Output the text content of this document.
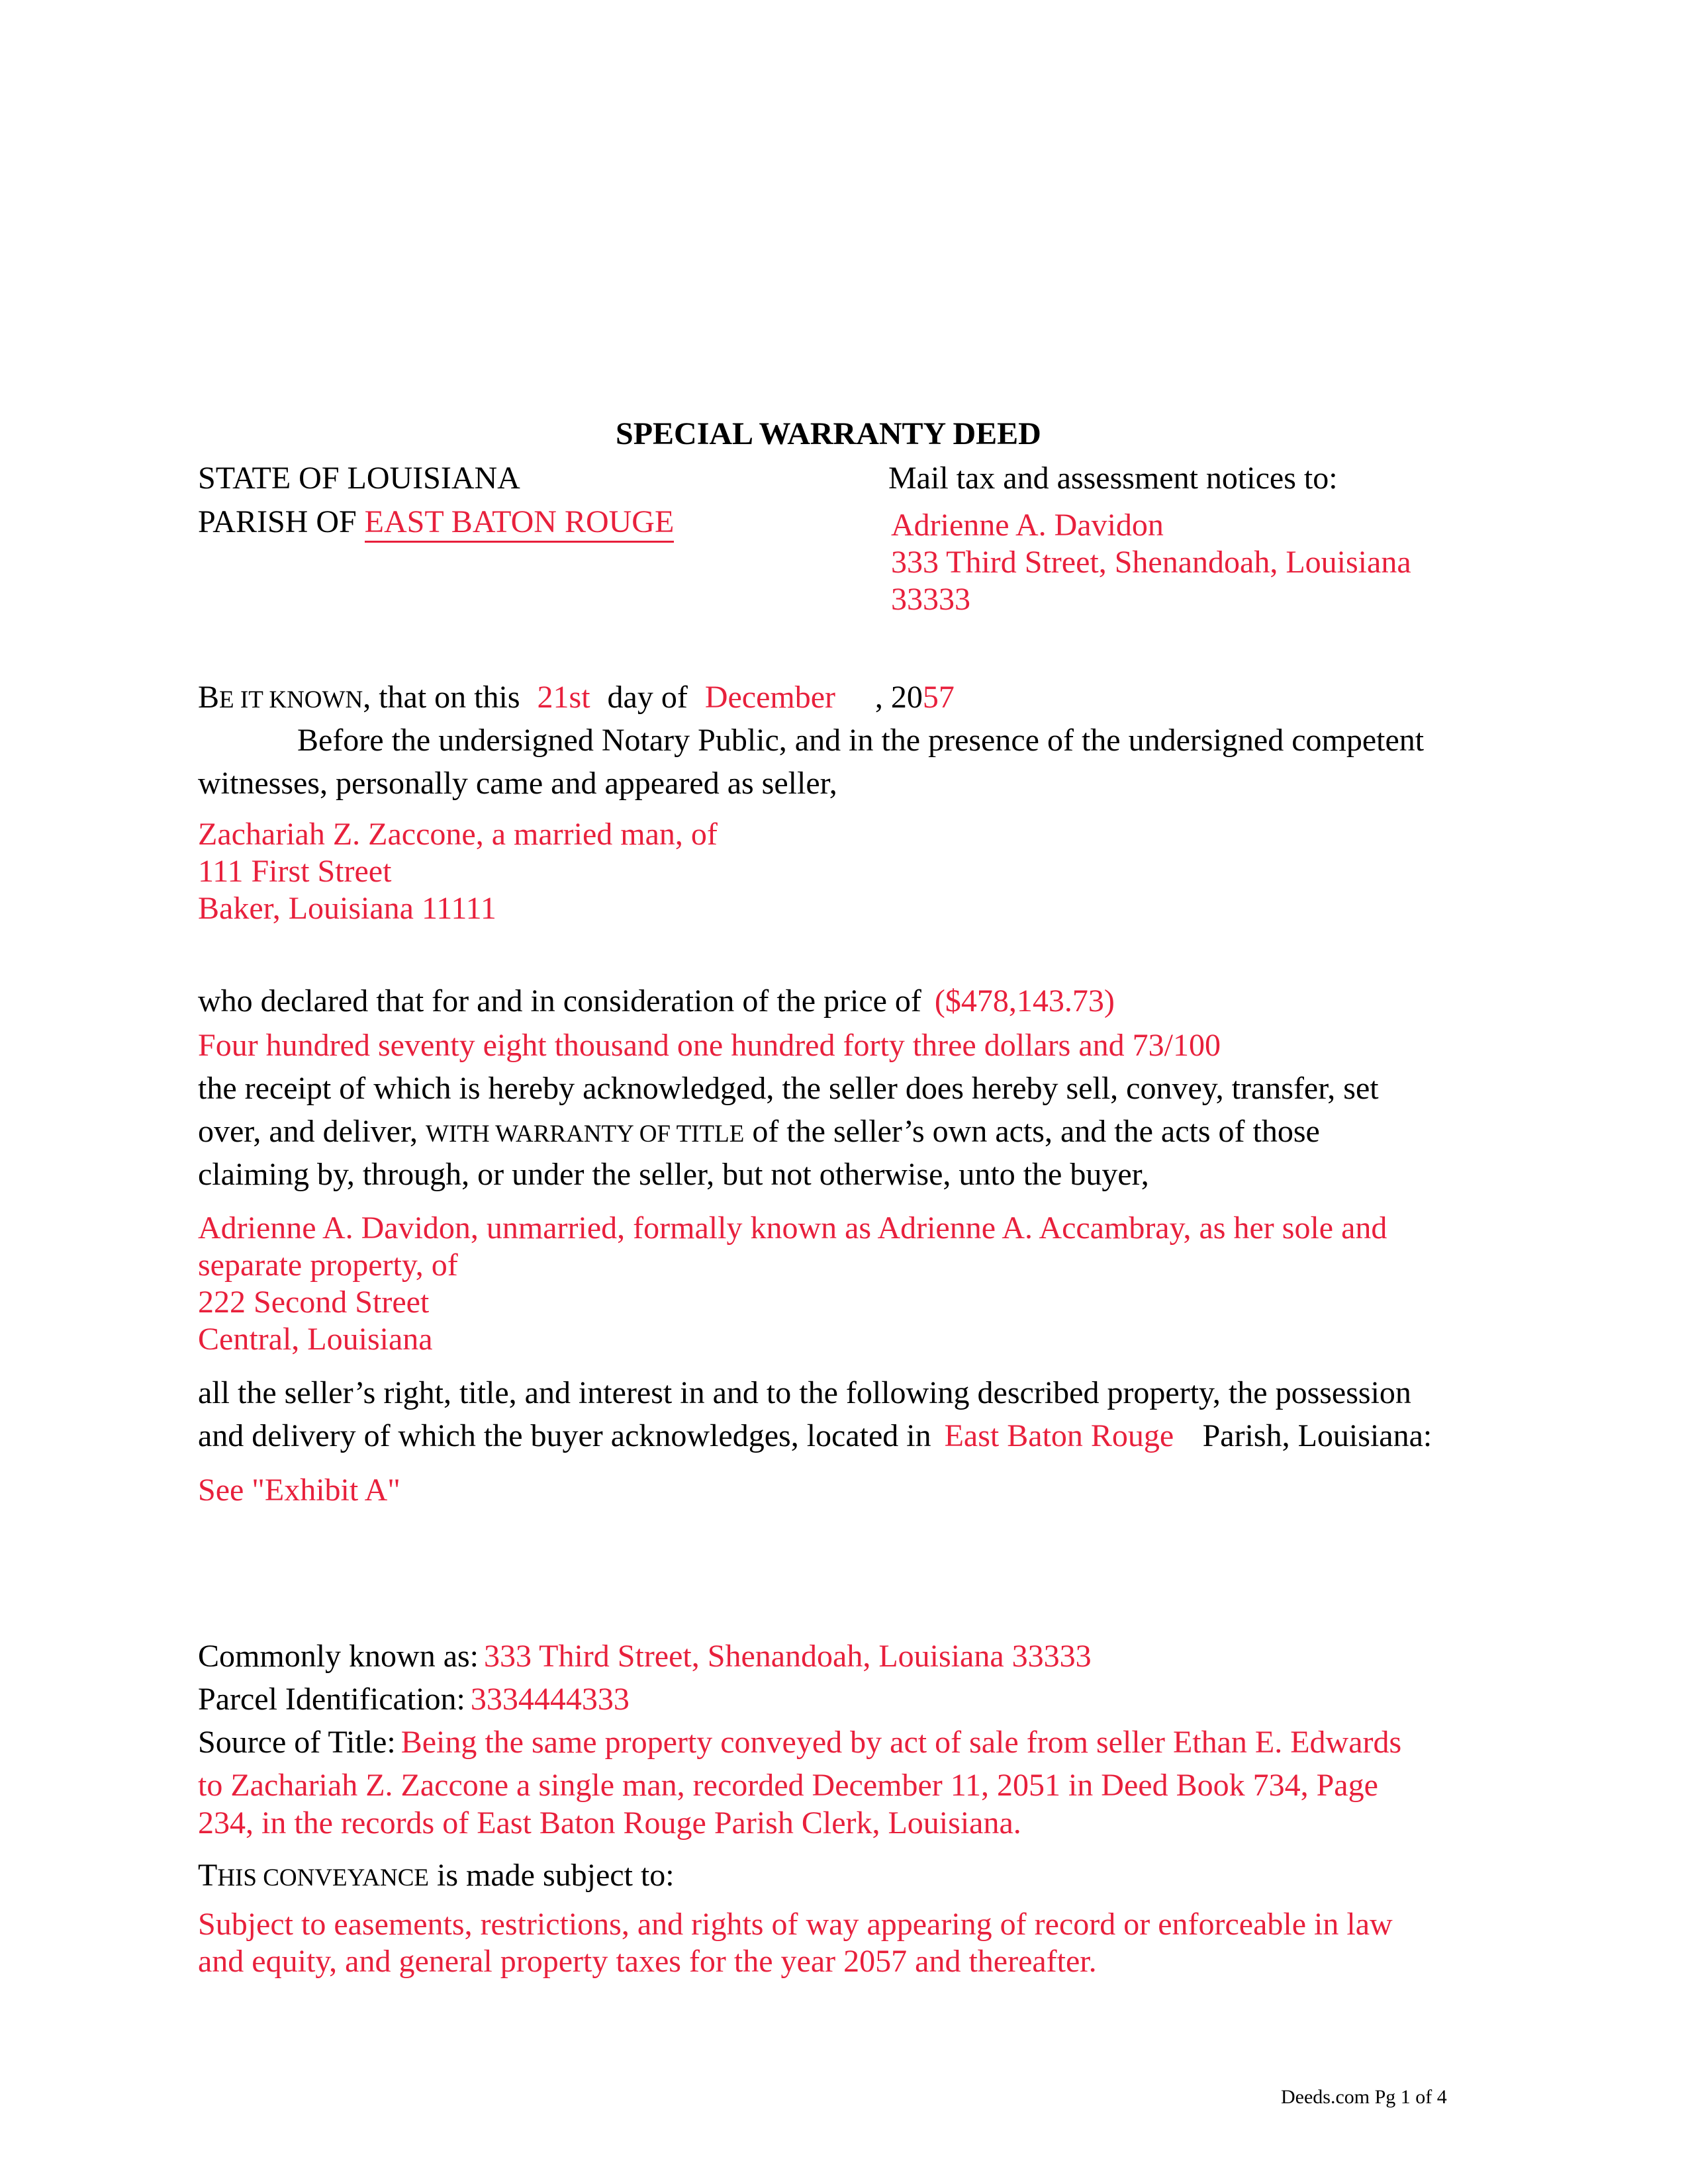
SPECIAL WARRANTY DEED
STATE OF LOUISIANA
PARISH OF EAST BATON ROUGE
Mail tax and assessment notices to:
Adrienne A. Davidon
333 Third Street, Shenandoah, Louisiana
33333
BE IT KNOWN, that on this 21st day of December , 2057
Before the undersigned Notary Public, and in the presence of the undersigned competent
witnesses, personally came and appeared as seller,
Zachariah Z. Zaccone, a married man, of
111 First Street
Baker, Louisiana 11111
who declared that for and in consideration of the price of ($478,143.73)
Four hundred seventy eight thousand one hundred forty three dollars and 73/100
the receipt of which is hereby acknowledged, the seller does hereby sell, convey, transfer, set
over, and deliver, WITH WARRANTY OF TITLE of the seller’s own acts, and the acts of those
claiming by, through, or under the seller, but not otherwise, unto the buyer,
Adrienne A. Davidon, unmarried, formally known as Adrienne A. Accambray, as her sole and
separate property, of
222 Second Street
Central, Louisiana
all the seller’s right, title, and interest in and to the following described property, the possession
and delivery of which the buyer acknowledges, located in East Baton Rouge Parish, Louisiana:
See "Exhibit A"
Commonly known as: 333 Third Street, Shenandoah, Louisiana 33333
Parcel Identification: 3334444333
Source of Title: Being the same property conveyed by act of sale from seller Ethan E. Edwards
to Zachariah Z. Zaccone a single man, recorded December 11, 2051 in Deed Book 734, Page
234, in the records of East Baton Rouge Parish Clerk, Louisiana.
THIS CONVEYANCE is made subject to:
Subject to easements, restrictions, and rights of way appearing of record or enforceable in law
and equity, and general property taxes for the year 2057 and thereafter.
Deeds.com Pg 1 of 4
